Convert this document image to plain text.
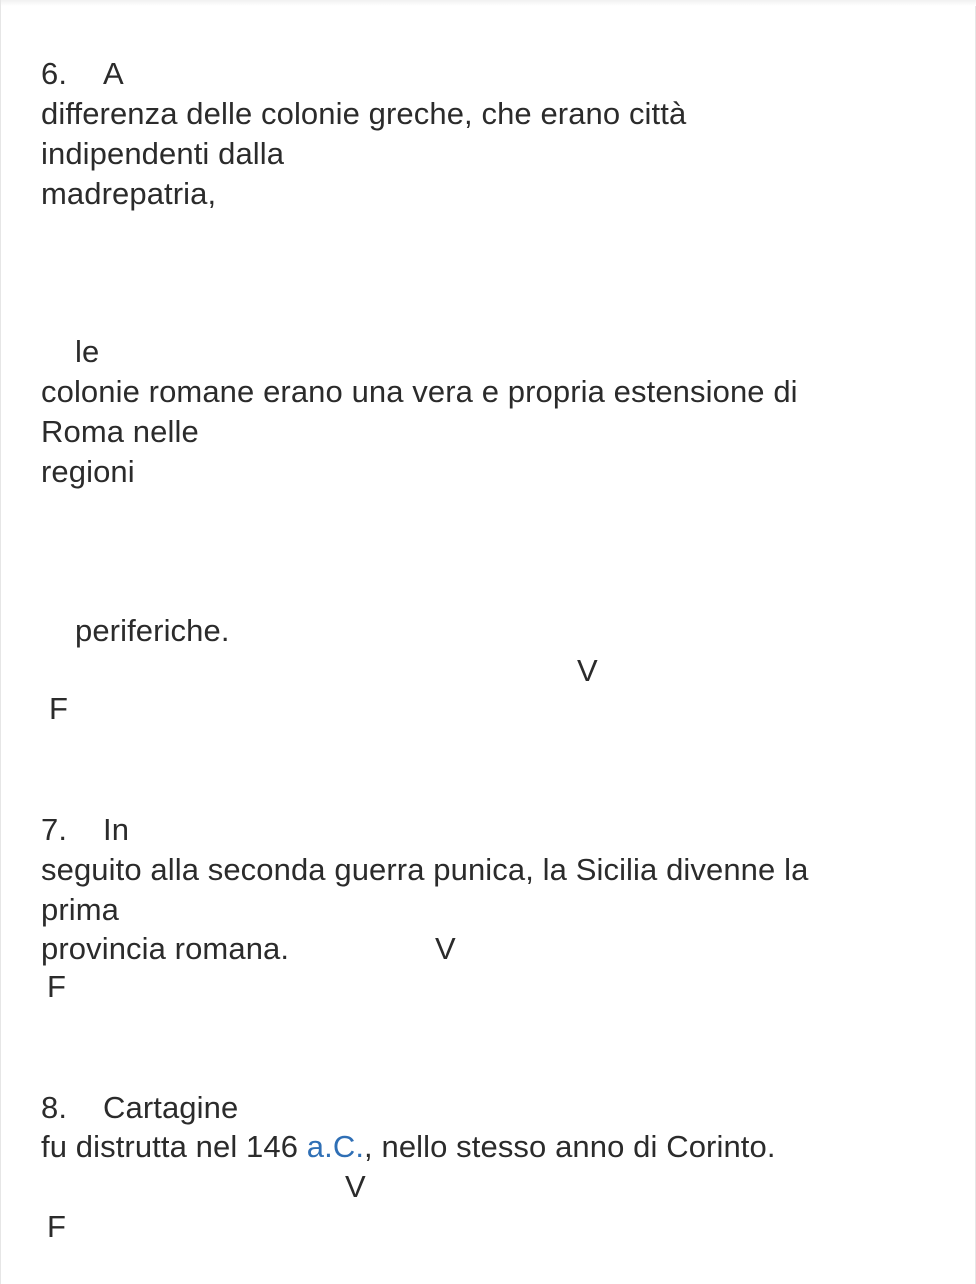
6. A
differenza delle colonie greche, che erano città
indipendenti dalla
madrepatria,
le
colonie romane erano una vera e propria estensione di
Roma nelle
regioni
periferiche.
V
F
7. In
seguito alla seconda guerra punica, la Sicilia divenne la
prima
provincia romana.	V
F
8. Cartagine
fu distrutta nel 146 a.C., nello stesso anno di Corinto.
V
F
